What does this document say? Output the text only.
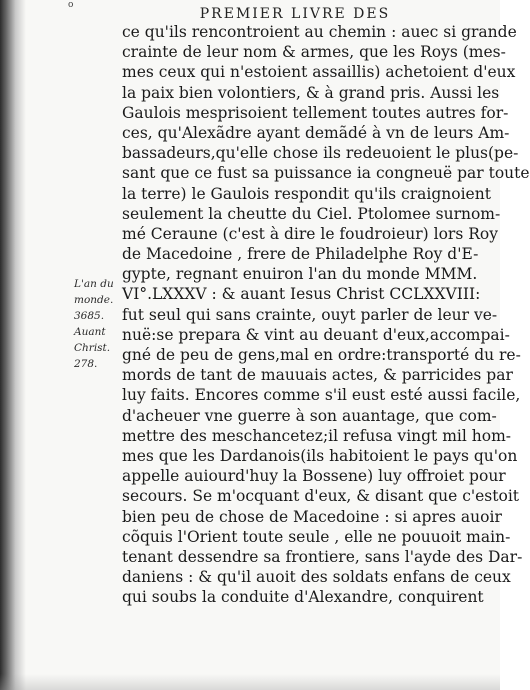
o
PREMIER LIVRE DES
L'an du
monde.
3685.
Auant
Christ.
278.
ce qu'ils rencontroient au chemin : auec si grande
crainte de leur nom & armes, que les Roys (mes-
mes ceux qui n'estoient assaillis) achetoient d'eux
la paix bien volontiers, & à grand pris. Aussi les
Gaulois mesprisoient tellement toutes autres for-
ces, qu'Alexãdre ayant demãdé à vn de leurs Am-
bassadeurs,qu'elle chose ils redeuoient le plus(pe-
sant que ce fust sa puissance ia congneuë par toute
la terre) le Gaulois respondit qu'ils craignoient
seulement la cheutte du Ciel. Ptolomee surnom-
mé Ceraune (c'est à dire le foudroieur) lors Roy
de Macedoine , frere de Philadelphe Roy d'E-
gypte, regnant enuiron l'an du monde MMM.
VI°.LXXXV : & auant Iesus Christ CCLXXVIII:
fut seul qui sans crainte, ouyt parler de leur ve-
nuë:se prepara & vint au deuant d'eux,accompai-
gné de peu de gens,mal en ordre:transporté du re-
mords de tant de mauuais actes, & parricides par
luy faits. Encores comme s'il eust esté aussi facile,
d'acheuer vne guerre à son auantage, que com-
mettre des meschancetez;il refusa vingt mil hom-
mes que les Dardanois(ils habitoient le pays qu'on
appelle auiourd'huy la Bossene) luy offroiet pour
secours. Se m'ocquant d'eux, & disant que c'estoit
bien peu de chose de Macedoine : si apres auoir
cõquis l'Orient toute seule , elle ne pouuoit main-
tenant dessendre sa frontiere, sans l'ayde des Dar-
daniens : & qu'il auoit des soldats enfans de ceux
qui soubs la conduite d'Alexandre, conquirent
